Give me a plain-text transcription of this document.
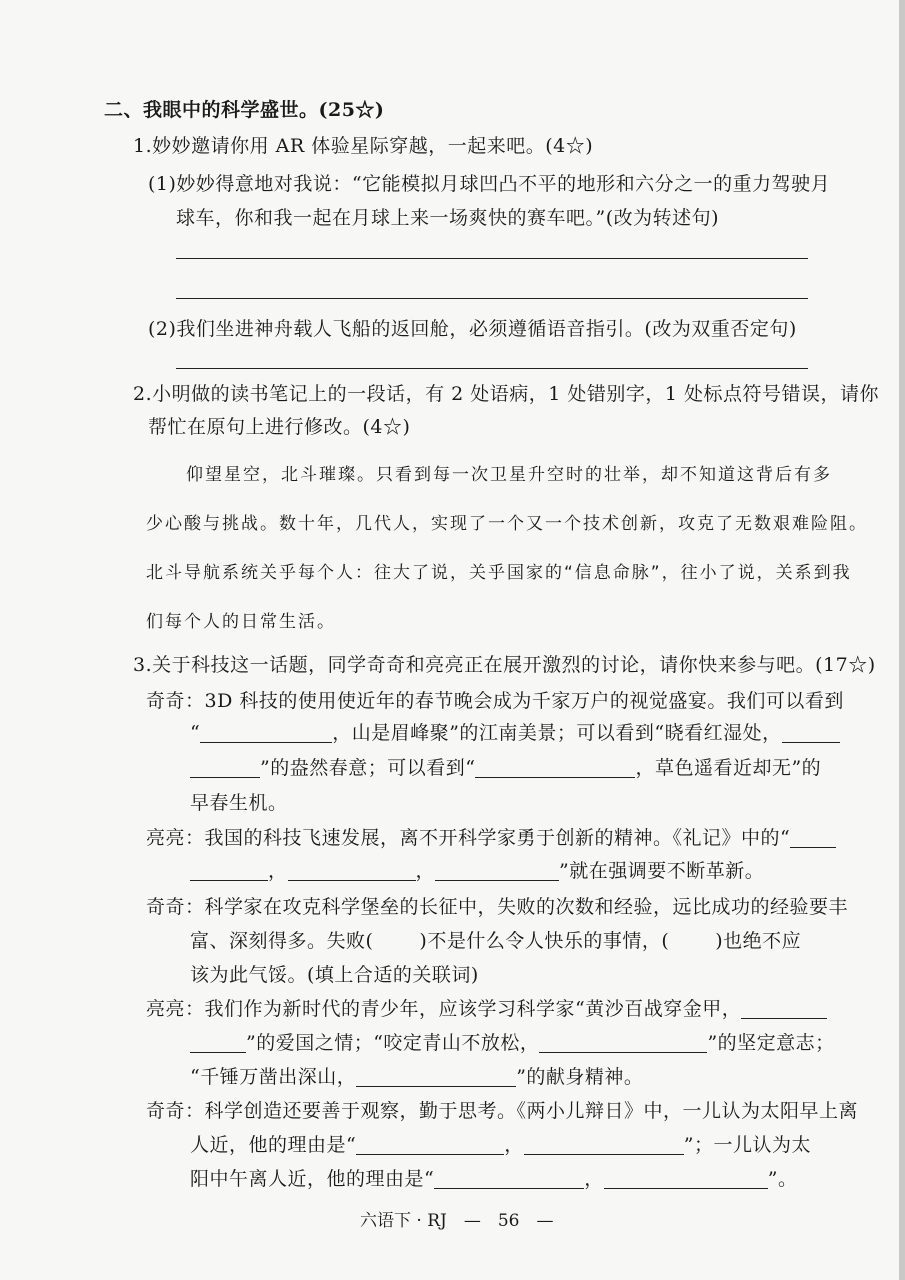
二、我眼中的科学盛世。(25☆)
1.妙妙邀请你用 AR 体验星际穿越，一起来吧。(4☆)
(1)妙妙得意地对我说：“它能模拟月球凹凸不平的地形和六分之一的重力驾驶月
球车，你和我一起在月球上来一场爽快的赛车吧。”(改为转述句)
(2)我们坐进神舟载人飞船的返回舱，必须遵循语音指引。(改为双重否定句)
2.小明做的读书笔记上的一段话，有 2 处语病，1 处错别字，1 处标点符号错误，请你
帮忙在原句上进行修改。(4☆)
仰望星空，北斗璀璨。只看到每一次卫星升空时的壮举，却不知道这背后有多
少心酸与挑战。数十年，几代人，实现了一个又一个技术创新，攻克了无数艰难险阻。
北斗导航系统关乎每个人：往大了说，关乎国家的“信息命脉”，往小了说，关系到我
们每个人的日常生活。
3.关于科技这一话题，同学奇奇和亮亮正在展开激烈的讨论，请你快来参与吧。(17☆)
奇奇：3D 科技的使用使近年的春节晚会成为千家万户的视觉盛宴。我们可以看到
“	，山是眉峰聚”的江南美景；可以看到“晓看红湿处，
”的盎然春意；可以看到“	，草色遥看近却无”的
早春生机。
亮亮：我国的科技飞速发展，离不开科学家勇于创新的精神。《礼记》中的“
，	，	”就在强调要不断革新。
奇奇：科学家在攻克科学堡垒的长征中，失败的次数和经验，远比成功的经验要丰
富、深刻得多。失败( )不是什么令人快乐的事情，( )也绝不应
该为此气馁。(填上合适的关联词)
亮亮：我们作为新时代的青少年，应该学习科学家“黄沙百战穿金甲，
”的爱国之情；“咬定青山不放松，	”的坚定意志；
“千锤万凿出深山，	”的献身精神。
奇奇：科学创造还要善于观察，勤于思考。《两小儿辩日》中，一儿认为太阳早上离
人近，他的理由是“	，	”；一儿认为太
阳中午离人近，他的理由是“	，	”。
六语下 · RJ　—　56　—
